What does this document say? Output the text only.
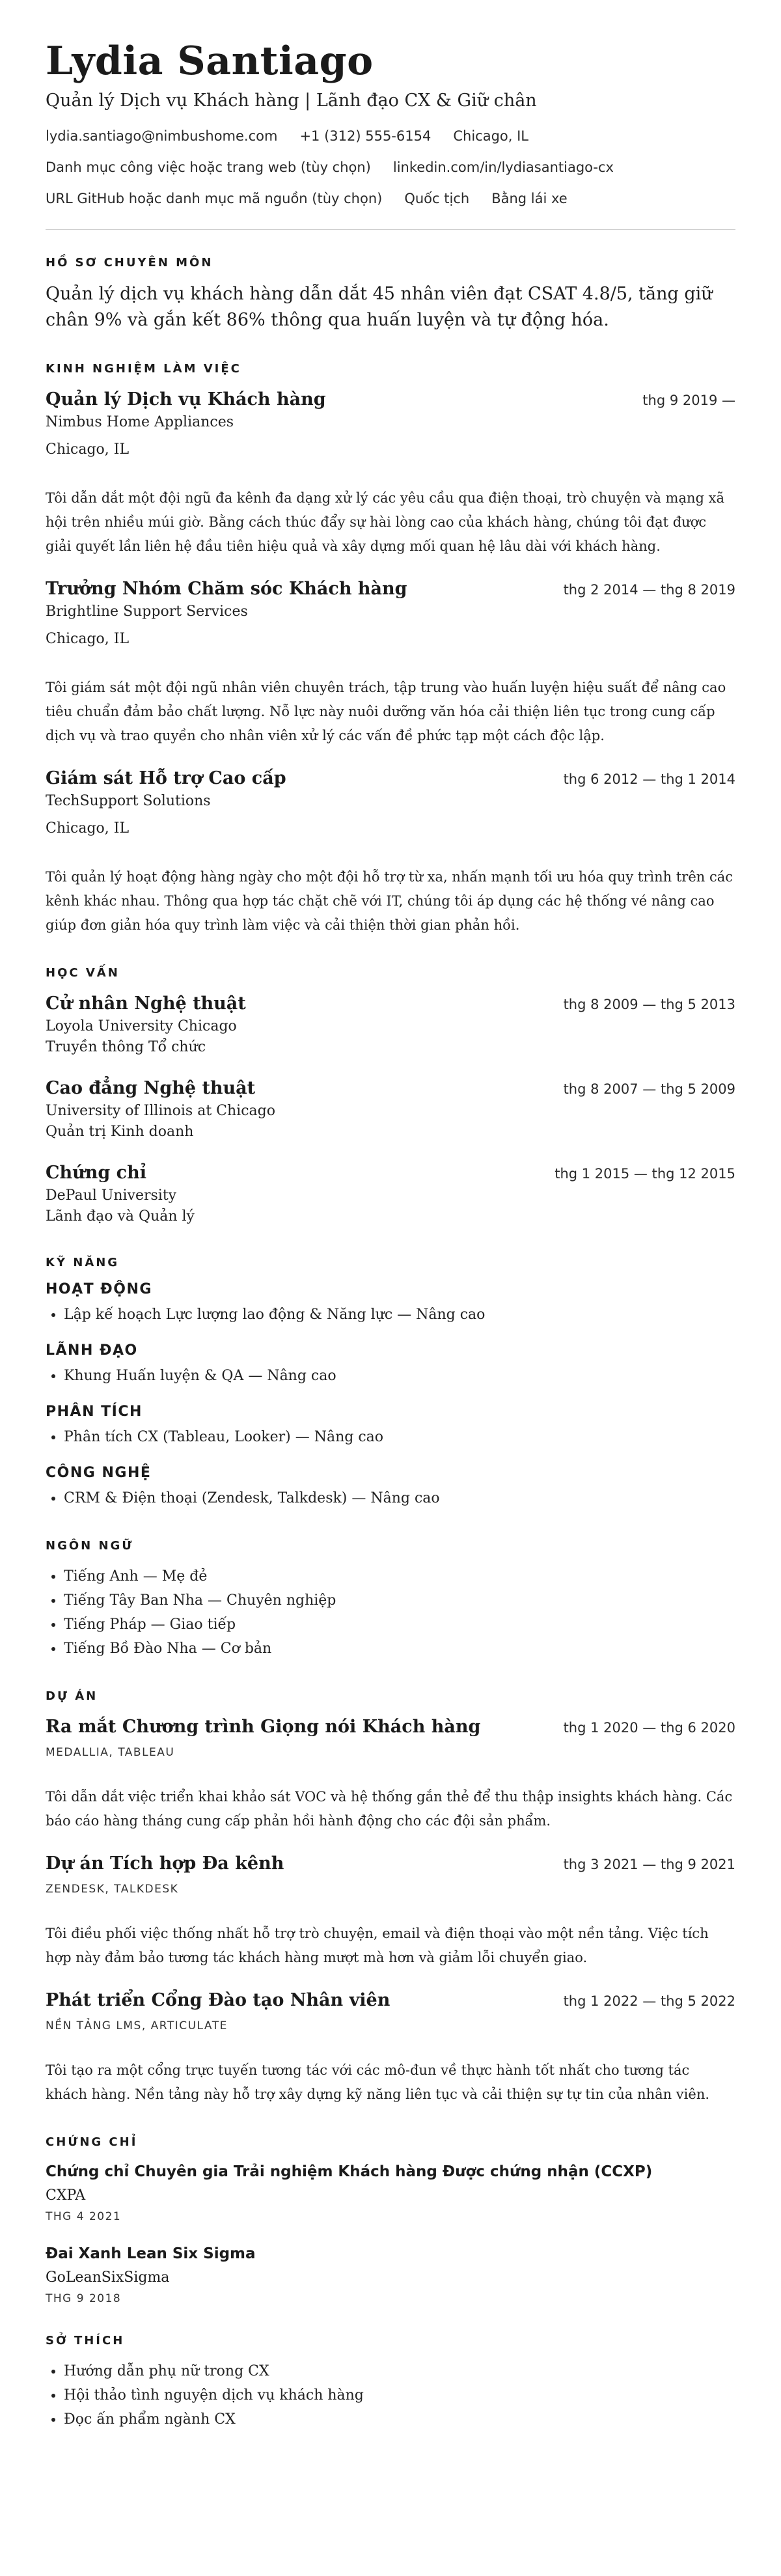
Lydia Santiago
Quản lý Dịch vụ Khách hàng | Lãnh đạo CX & Giữ chân
lydia.santiago@nimbushome.com +1 (312) 555-6154 Chicago, IL
Danh mục công việc hoặc trang web (tùy chọn) linkedin.com/in/lydiasantiago-cx
URL GitHub hoặc danh mục mã nguồn (tùy chọn) Quốc tịch Bằng lái xe
HỒ SƠ CHUYÊN MÔN
Quản lý dịch vụ khách hàng dẫn dắt 45 nhân viên đạt CSAT 4.8/5, tăng giữ chân 9% và gắn kết 86% thông qua huấn luyện và tự động hóa.
KINH NGHIỆM LÀM VIỆC
Quản lý Dịch vụ Khách hàng	thg 9 2019 —
Nimbus Home Appliances
Chicago, IL
Tôi dẫn dắt một đội ngũ đa kênh đa dạng xử lý các yêu cầu qua điện thoại, trò chuyện và mạng xã hội trên nhiều múi giờ. Bằng cách thúc đẩy sự hài lòng cao của khách hàng, chúng tôi đạt được giải quyết lần liên hệ đầu tiên hiệu quả và xây dựng mối quan hệ lâu dài với khách hàng.
Trưởng Nhóm Chăm sóc Khách hàng	thg 2 2014 — thg 8 2019
Brightline Support Services
Chicago, IL
Tôi giám sát một đội ngũ nhân viên chuyên trách, tập trung vào huấn luyện hiệu suất để nâng cao tiêu chuẩn đảm bảo chất lượng. Nỗ lực này nuôi dưỡng văn hóa cải thiện liên tục trong cung cấp dịch vụ và trao quyền cho nhân viên xử lý các vấn đề phức tạp một cách độc lập.
Giám sát Hỗ trợ Cao cấp	thg 6 2012 — thg 1 2014
TechSupport Solutions
Chicago, IL
Tôi quản lý hoạt động hàng ngày cho một đội hỗ trợ từ xa, nhấn mạnh tối ưu hóa quy trình trên các kênh khác nhau. Thông qua hợp tác chặt chẽ với IT, chúng tôi áp dụng các hệ thống vé nâng cao giúp đơn giản hóa quy trình làm việc và cải thiện thời gian phản hồi.
HỌC VẤN
Cử nhân Nghệ thuật	thg 8 2009 — thg 5 2013
Loyola University Chicago
Truyền thông Tổ chức
Cao đẳng Nghệ thuật	thg 8 2007 — thg 5 2009
University of Illinois at Chicago
Quản trị Kinh doanh
Chứng chỉ	thg 1 2015 — thg 12 2015
DePaul University
Lãnh đạo và Quản lý
KỸ NĂNG
HOẠT ĐỘNG
• Lập kế hoạch Lực lượng lao động & Năng lực — Nâng cao
LÃNH ĐẠO
• Khung Huấn luyện & QA — Nâng cao
PHÂN TÍCH
• Phân tích CX (Tableau, Looker) — Nâng cao
CÔNG NGHỆ
• CRM & Điện thoại (Zendesk, Talkdesk) — Nâng cao
NGÔN NGỮ
• Tiếng Anh — Mẹ đẻ
• Tiếng Tây Ban Nha — Chuyên nghiệp
• Tiếng Pháp — Giao tiếp
• Tiếng Bồ Đào Nha — Cơ bản
DỰ ÁN
Ra mắt Chương trình Giọng nói Khách hàng	thg 1 2020 — thg 6 2020
MEDALLIA, TABLEAU
Tôi dẫn dắt việc triển khai khảo sát VOC và hệ thống gắn thẻ để thu thập insights khách hàng. Các báo cáo hàng tháng cung cấp phản hồi hành động cho các đội sản phẩm.
Dự án Tích hợp Đa kênh	thg 3 2021 — thg 9 2021
ZENDESK, TALKDESK
Tôi điều phối việc thống nhất hỗ trợ trò chuyện, email và điện thoại vào một nền tảng. Việc tích hợp này đảm bảo tương tác khách hàng mượt mà hơn và giảm lỗi chuyển giao.
Phát triển Cổng Đào tạo Nhân viên	thg 1 2022 — thg 5 2022
NỀN TẢNG LMS, ARTICULATE
Tôi tạo ra một cổng trực tuyến tương tác với các mô-đun về thực hành tốt nhất cho tương tác khách hàng. Nền tảng này hỗ trợ xây dựng kỹ năng liên tục và cải thiện sự tự tin của nhân viên.
CHỨNG CHỈ
Chứng chỉ Chuyên gia Trải nghiệm Khách hàng Được chứng nhận (CCXP)
CXPA
THG 4 2021
Đai Xanh Lean Six Sigma
GoLeanSixSigma
THG 9 2018
SỞ THÍCH
• Hướng dẫn phụ nữ trong CX
• Hội thảo tình nguyện dịch vụ khách hàng
• Đọc ấn phẩm ngành CX
